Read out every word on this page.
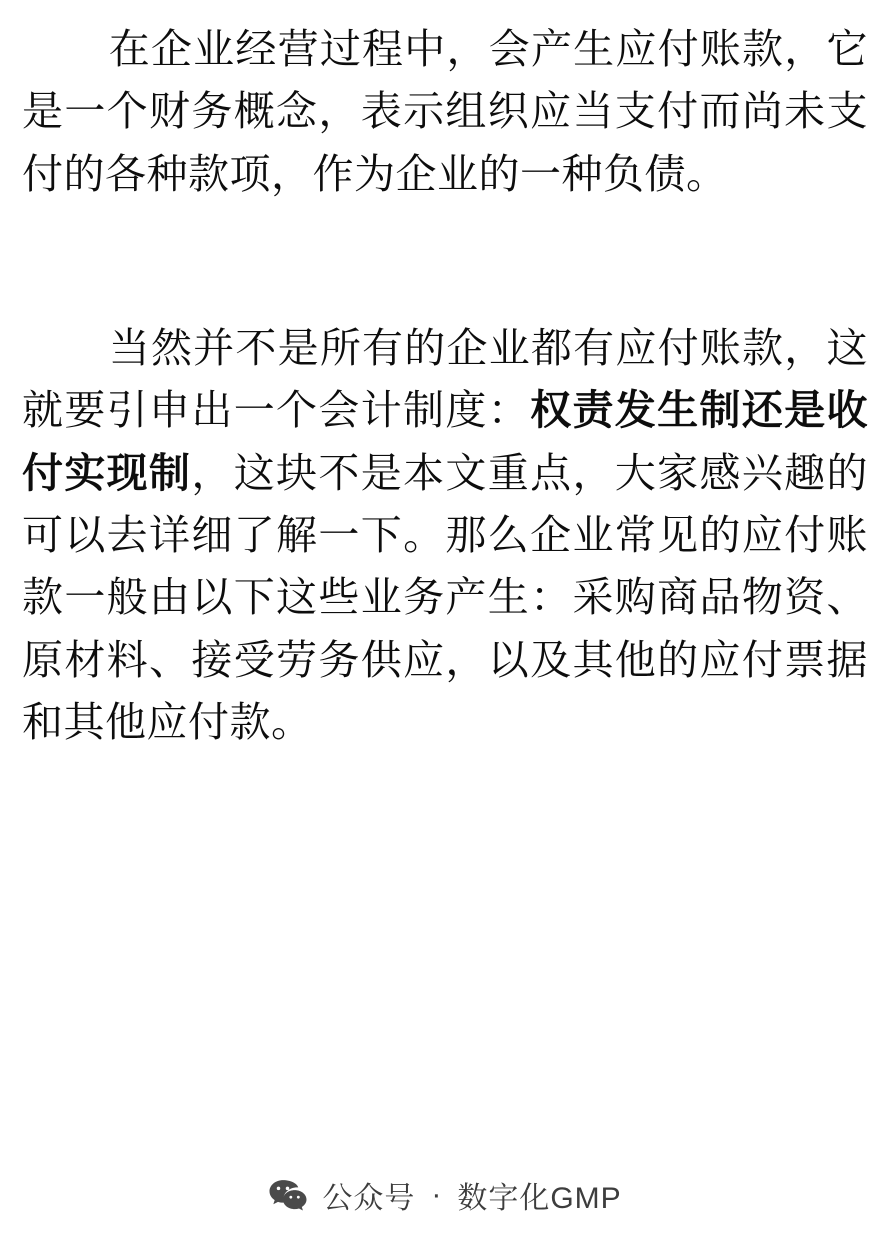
在企业经营过程中，会产生应付账款，它是一个财务概念，表示组织应当支付而尚未支付的各种款项，作为企业的一种负债。

当然并不是所有的企业都有应付账款，这就要引申出一个会计制度：权责发生制还是收付实现制，这块不是本文重点，大家感兴趣的可以去详细了解一下。那么企业常见的应付账款一般由以下这些业务产生：采购商品物资、原材料、接受劳务供应，以及其他的应付票据和其他应付款。

公众号 · 数字化GMP
